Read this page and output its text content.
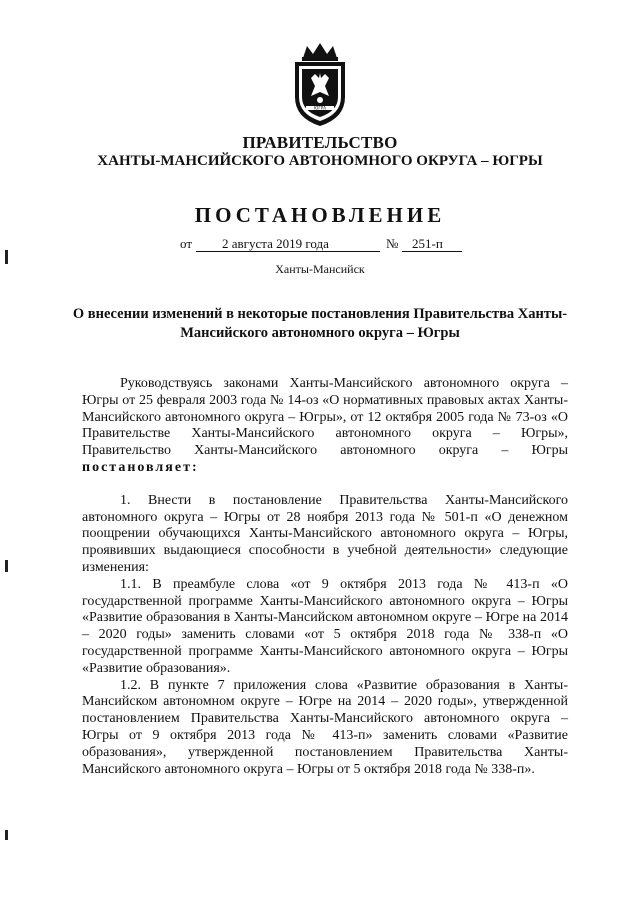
ЮГРА
ПРАВИТЕЛЬСТВО
ХАНТЫ-МАНСИЙСКОГО АВТОНОМНОГО ОКРУГА – ЮГРЫ
ПОСТАНОВЛЕНИЕ
от 2 августа 2019 года	№ 251-п
Ханты-Мансийск
О внесении изменений в некоторые постановления Правительства Ханты-Мансийского автономного округа – Югры

Руководствуясь законами Ханты-Мансийского автономного округа – Югры от 25 февраля 2003 года № 14-оз «О нормативных правовых актах Ханты-Мансийского автономного округа – Югры», от 12 октября 2005 года № 73-оз «О Правительстве Ханты-Мансийского автономного округа – Югры», Правительство Ханты-Мансийского автономного округа – Югры постановляет:

1. Внести в постановление Правительства Ханты-Мансийского автономного округа – Югры от 28 ноября 2013 года № 501-п «О денежном поощрении обучающихся Ханты-Мансийского автономного округа – Югры, проявивших выдающиеся способности в учебной деятельности» следующие изменения:

1.1. В преамбуле слова «от 9 октября 2013 года № 413-п «О государственной программе Ханты-Мансийского автономного округа – Югры «Развитие образования в Ханты-Мансийском автономном округе – Югре на 2014 – 2020 годы» заменить словами «от 5 октября 2018 года № 338-п «О государственной программе Ханты-Мансийского автономного округа – Югры «Развитие образования».

1.2. В пункте 7 приложения слова «Развитие образования в Ханты-Мансийском автономном округе – Югре на 2014 – 2020 годы», утвержденной постановлением Правительства Ханты-Мансийского автономного округа – Югры от 9 октября 2013 года № 413-п» заменить словами «Развитие образования», утвержденной постановлением Правительства Ханты-Мансийского автономного округа – Югры от 5 октября 2018 года № 338-п».
